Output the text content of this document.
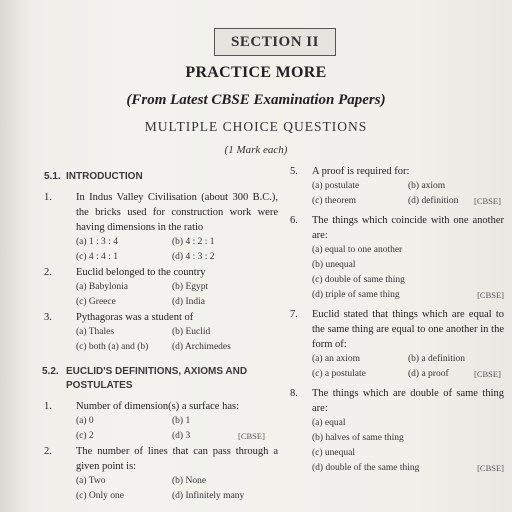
SECTION II
PRACTICE MORE
(From Latest CBSE Examination Papers)
MULTIPLE CHOICE QUESTIONS
(1 Mark each)
5.1. INTRODUCTION
1. In Indus Valley Civilisation (about 300 B.C.), the bricks used for construction work were having dimensions in the ratio
(a) 1 : 3 : 4	(b) 4 : 2 : 1
(c) 4 : 4 : 1	(d) 4 : 3 : 2
2. Euclid belonged to the country
(a) Babylonia	(b) Egypt
(c) Greece	(d) India
3. Pythagoras was a student of
(a) Thales	(b) Euclid
(c) both (a) and (b)	(d) Archimedes
5.2. EUCLID'S DEFINITIONS, AXIOMS AND POSTULATES
1. Number of dimension(s) a surface has:
(a) 0	(b) 1
(c) 2	(d) 3	[CBSE]
2. The number of lines that can pass through a given point is:
(a) Two	(b) None
(c) Only one	(d) Infinitely many
5. A proof is required for:
(a) postulate	(b) axiom
(c) theorem	(d) definition	[CBSE]
6. The things which coincide with one another are:
(a) equal to one another
(b) unequal
(c) double of same thing
[CBSE]
(d) triple of same thing
7. Euclid stated that things which are equal to the same thing are equal to one another in the form of:
(a) an axiom	(b) a definition
(c) a postulate	(d) a proof	[CBSE]
8. The things which are double of same thing are:
(a) equal
(b) halves of same thing
(c) unequal
[CBSE]
(d) double of the same thing
